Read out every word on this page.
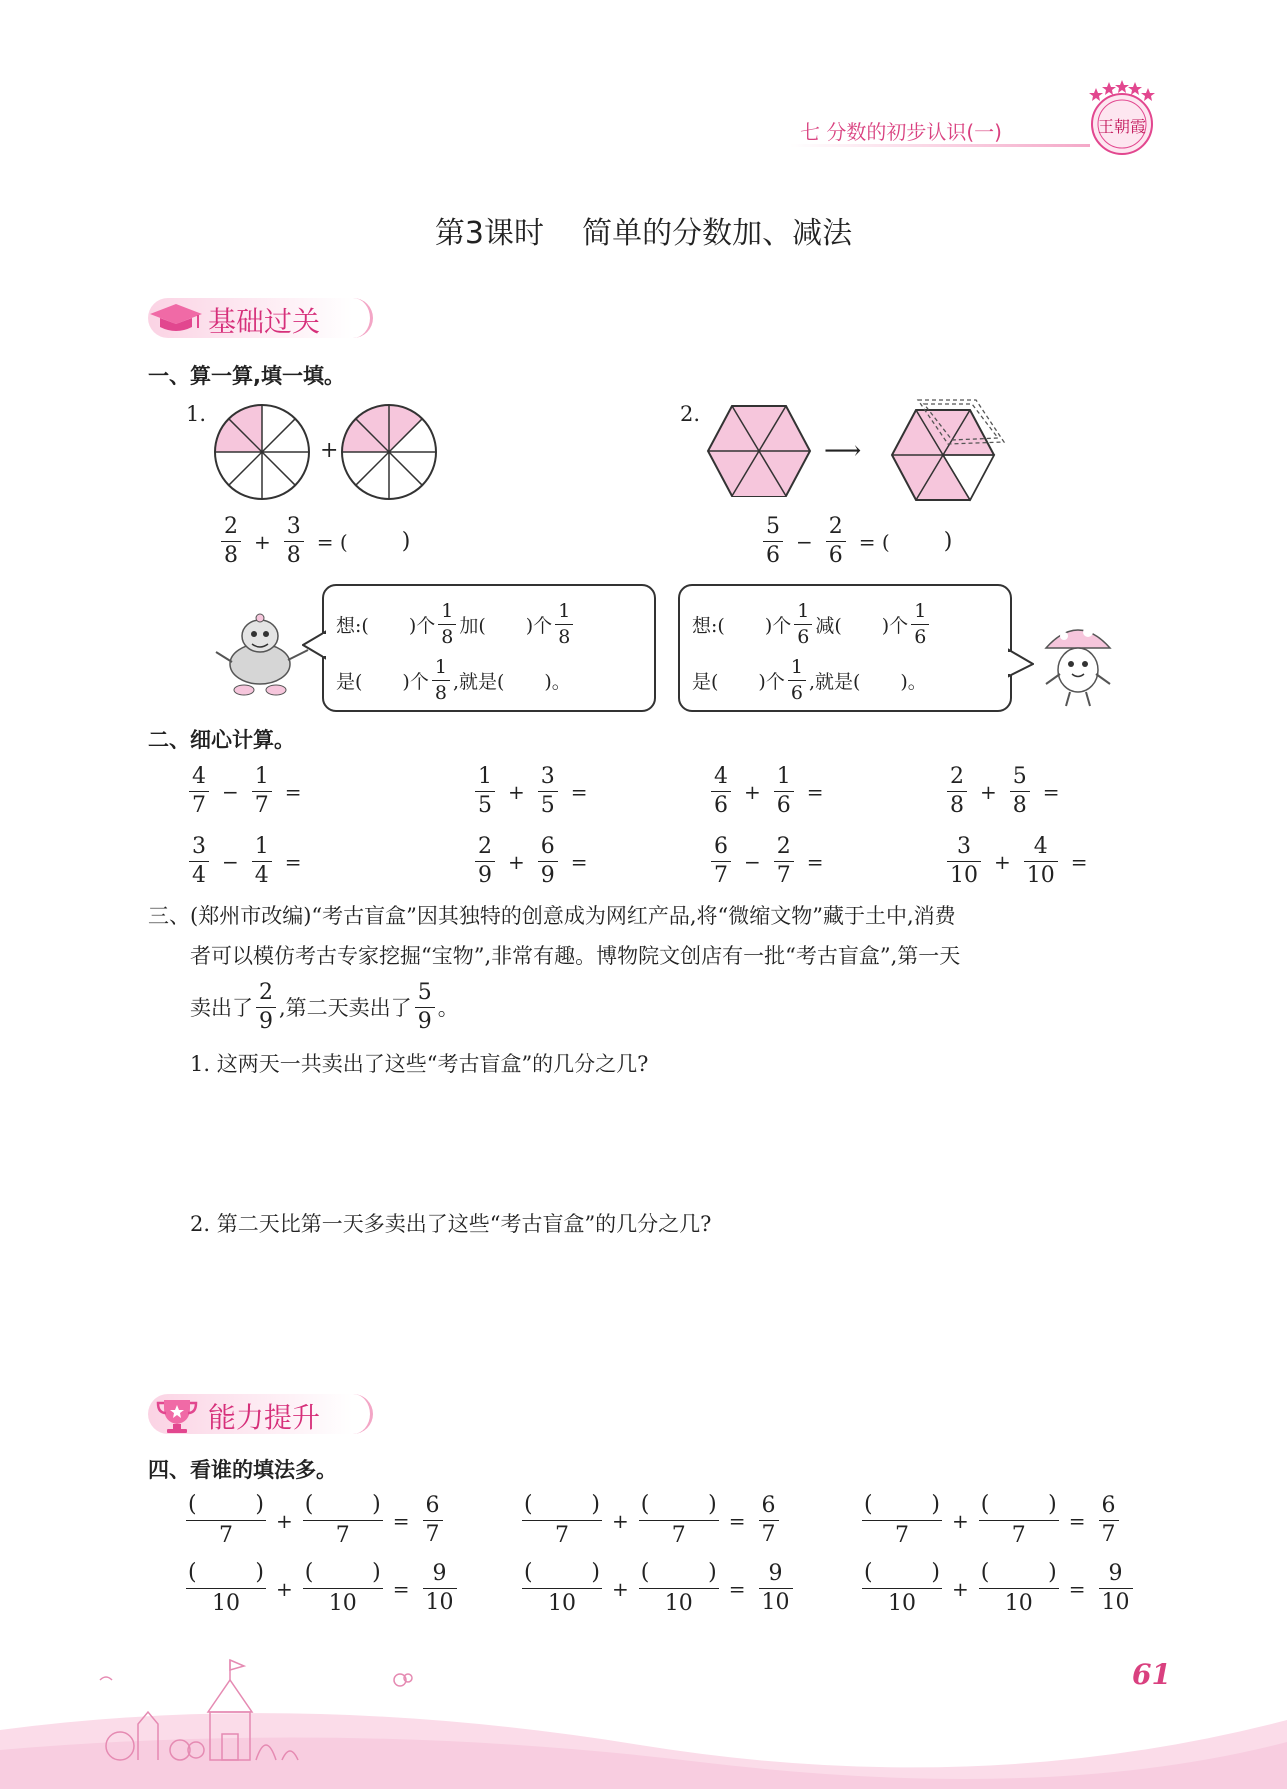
七 分数的初步认识(一)	王朝霞
第3课时    简单的分数加、减法
基础过关
一、算一算,填一填。
1.
+
2
8
+ $\frac{3}{8}$ = ( )
2.
⟶
5
6
− $\frac{2}{6}$ = ( )
想:( )个
1
8 加( )个
1
8
是( )个
1
8 ,就是( )。
想:( )个
1
6 减( )个
1
6
是( )个
1
6 ,就是( )。
二、细心计算。
4
7
− $\frac{1}{7}$ =
1
5
+ $\frac{3}{5}$ =
4
6
+ $\frac{1}{6}$ =
2
8
+ $\frac{5}{8}$ =
3
4
− $\frac{1}{4}$ =
2
9
+ $\frac{6}{9}$ =
6
7
− $\frac{2}{7}$ =
3
10
+ $\frac{4}{10}$ =
三、(郑州市改编)“考古盲盒”因其独特的创意成为网红产品,将“微缩文物”藏于土中,消费
者可以模仿考古专家挖掘“宝物”,非常有趣。博物院文创店有一批“考古盲盒”,第一天
卖出了
2
9
,第二天卖出了
5
9
。
1. 这两天一共卖出了这些“考古盲盒”的几分之几?
2. 第二天比第一天多卖出了这些“考古盲盒”的几分之几?
能力提升
四、看谁的填法多。
(	)
7
+
(	)
7
= $\frac{6}{7}$	(	)
7
+
(	)
7
= $\frac{6}{7}$	(	)
7
+
(	)
7
= $\frac{6}{7}$
(	)
10
+
(	)
10
= $\frac{9}{10}$	(	)
10
+
(	)
10
= $\frac{9}{10}$	(	)
10
+
(	)
10
= $\frac{9}{10}$
61
